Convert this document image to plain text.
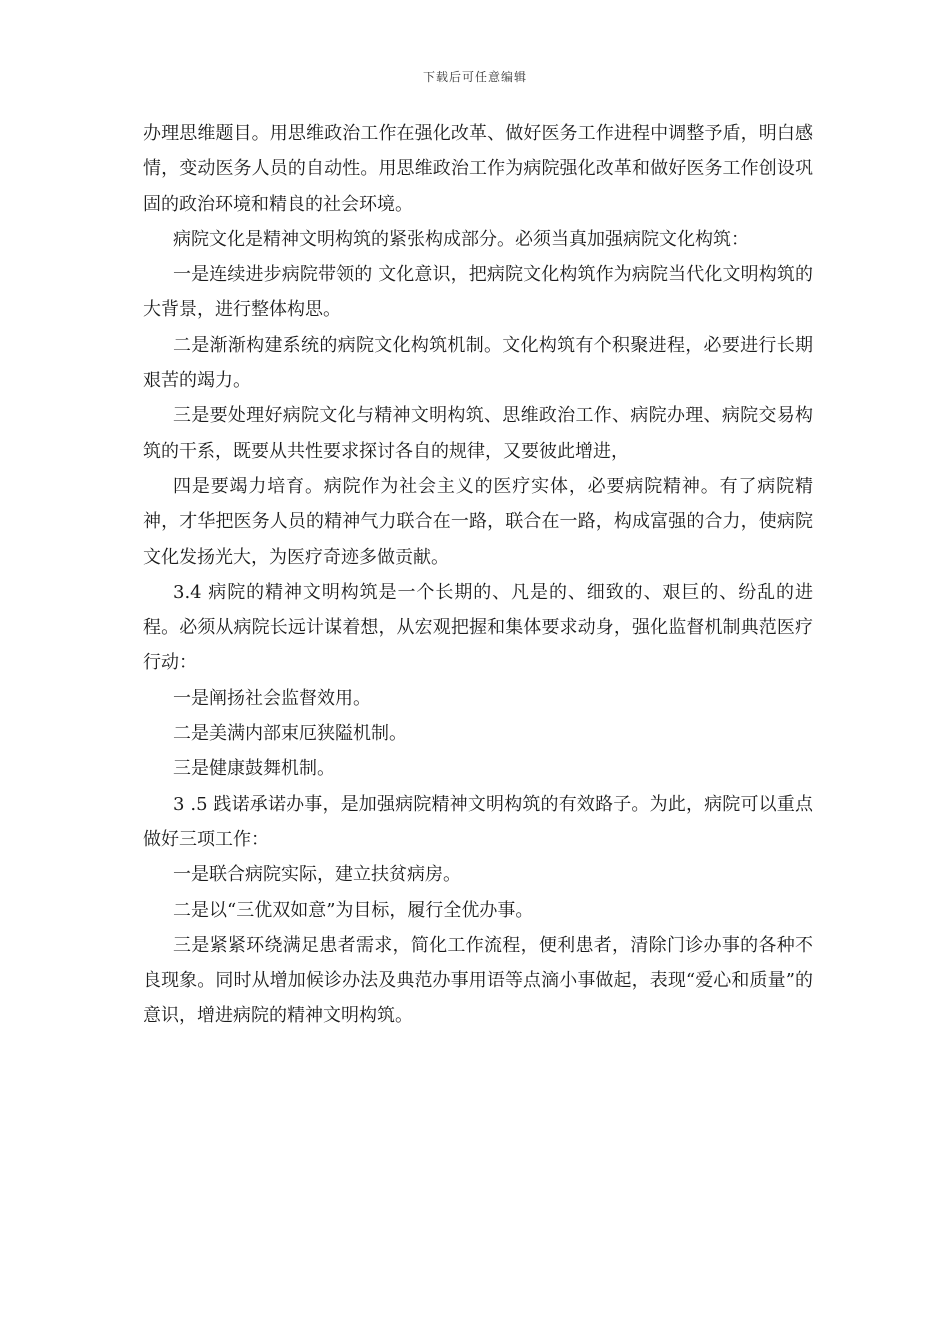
下载后可任意编辑

办理思维题目。用思维政治工作在强化改革、做好医务工作进程中调整予盾，明白感情，变动医务人员的自动性。用思维政治工作为病院强化改革和做好医务工作创设巩固的政治环境和精良的社会环境。

病院文化是精神文明构筑的紧张构成部分。必须当真加强病院文化构筑：

一是连续进步病院带领的 文化意识，把病院文化构筑作为病院当代化文明构筑的大背景，进行整体构思。

二是渐渐构建系统的病院文化构筑机制。文化构筑有个积聚进程，必要进行长期艰苦的竭力。

三是要处理好病院文化与精神文明构筑、思维政治工作、病院办理、病院交易构筑的干系，既要从共性要求探讨各自的规律，又要彼此增进，

四是要竭力培育。病院作为社会主义的医疗实体，必要病院精神。有了病院精神，才华把医务人员的精神气力联合在一路，联合在一路，构成富强的合力，使病院文化发扬光大，为医疗奇迹多做贡献。

3.4 病院的精神文明构筑是一个长期的、凡是的、细致的、艰巨的、纷乱的进程。必须从病院长远计谋着想，从宏观把握和集体要求动身，强化监督机制典范医疗行动：

一是阐扬社会监督效用。

二是美满内部束厄狭隘机制。

三是健康鼓舞机制。

3 .5 践诺承诺办事，是加强病院精神文明构筑的有效路子。为此，病院可以重点做好三项工作：

一是联合病院实际，建立扶贫病房。

二是以“三优双如意”为目标，履行全优办事。

三是紧紧环绕满足患者需求，简化工作流程，便利患者，清除门诊办事的各种不良现象。同时从增加候诊办法及典范办事用语等点滴小事做起，表现“爱心和质量”的意识，增进病院的精神文明构筑。
